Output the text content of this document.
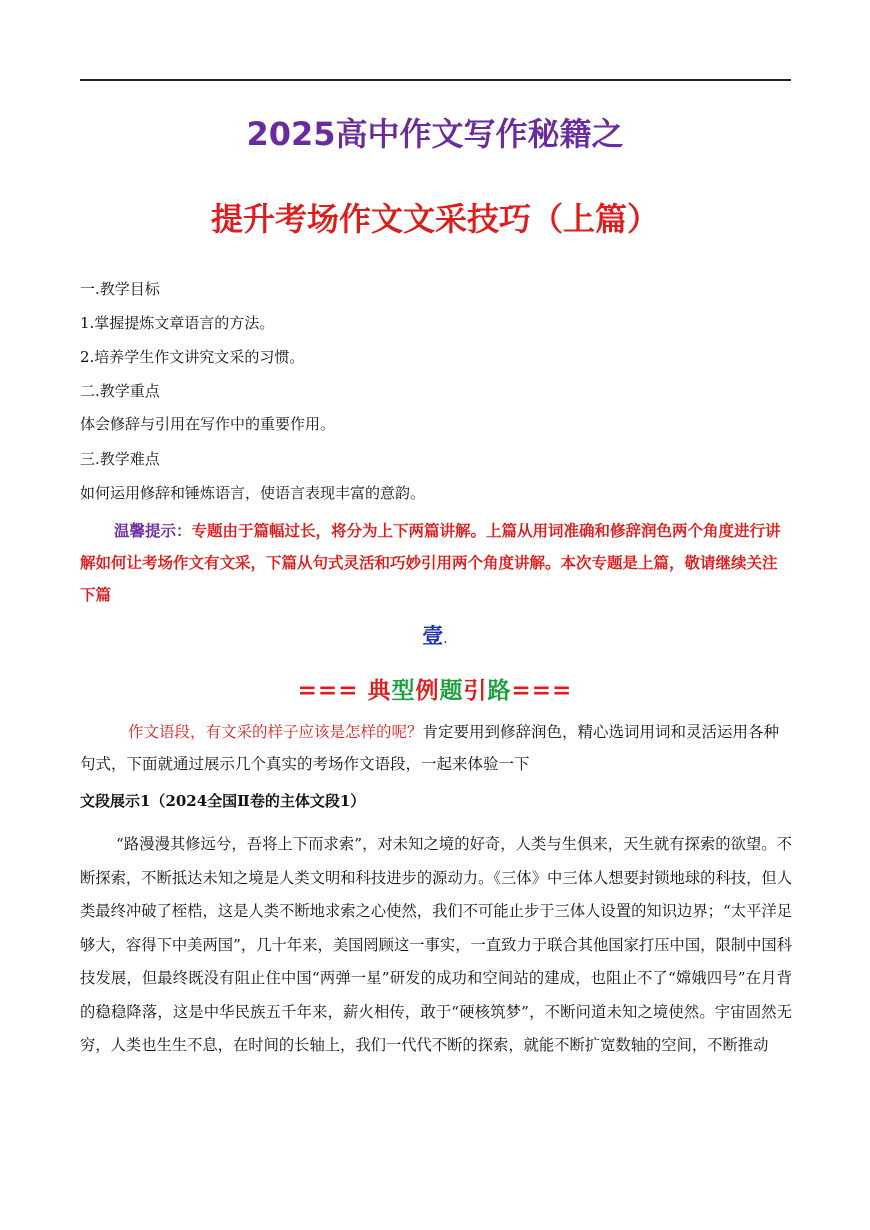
2025高中作文写作秘籍之
提升考场作文文采技巧（上篇）
一.教学目标
1.掌握提炼文章语言的方法。
2.培养学生作文讲究文采的习惯。
二.教学重点
体会修辞与引用在写作中的重要作用。
三.教学难点
如何运用修辞和锤炼语言，使语言表现丰富的意韵。
温馨提示：专题由于篇幅过长，将分为上下两篇讲解。上篇从用词准确和修辞润色两个角度进行讲解如何让考场作文有文采，下篇从句式灵活和巧妙引用两个角度讲解。本次专题是上篇，敬请继续关注下篇
壹.
=== 典型例题引路===
作文语段，有文采的样子应该是怎样的呢？肯定要用到修辞润色，精心选词用词和灵活运用各种句式，下面就通过展示几个真实的考场作文语段，一起来体验一下
文段展示1（2024全国Ⅱ卷的主体文段1）
“路漫漫其修远兮，吾将上下而求索”，对未知之境的好奇，人类与生俱来，天生就有探索的欲望。不断探索，不断抵达未知之境是人类文明和科技进步的源动力。《三体》中三体人想要封锁地球的科技，但人类最终冲破了桎梏，这是人类不断地求索之心使然，我们不可能止步于三体人设置的知识边界；“太平洋足够大，容得下中美两国”，几十年来，美国罔顾这一事实，一直致力于联合其他国家打压中国，限制中国科技发展，但最终既没有阻止住中国“两弹一星”研发的成功和空间站的建成，也阻止不了“嫦娥四号”在月背的稳稳降落，这是中华民族五千年来，薪火相传，敢于“硬核筑梦”，不断问道未知之境使然。宇宙固然无穷，人类也生生不息，在时间的长轴上，我们一代代不断的探索，就能不断扩宽数轴的空间，不断推动
